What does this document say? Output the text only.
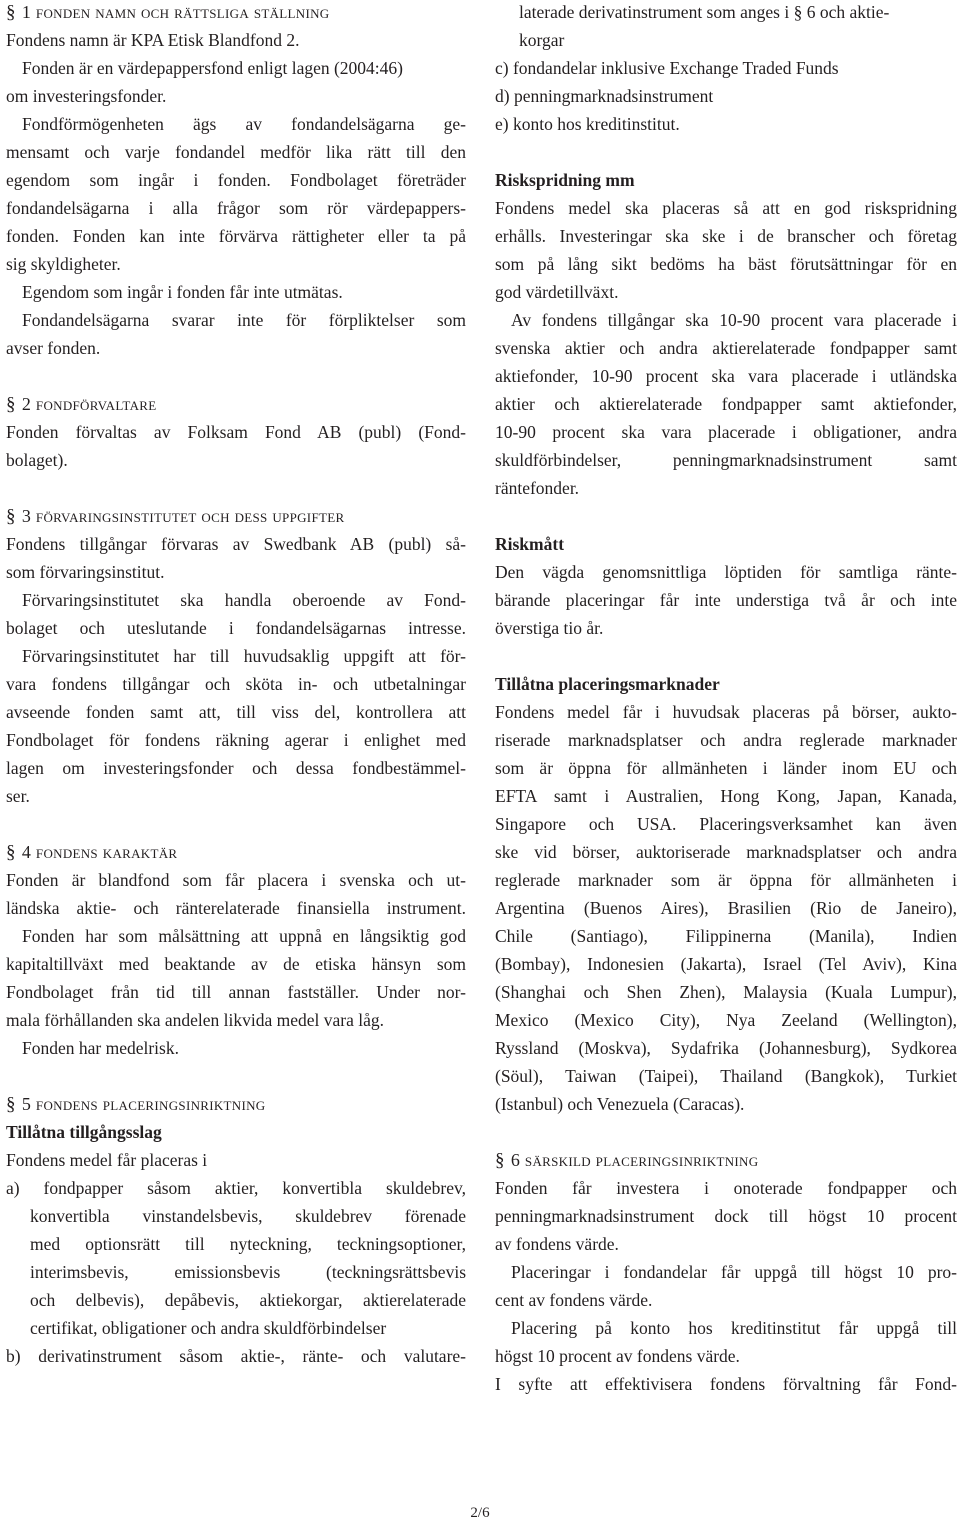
§ 1 fonden namn och rättsliga ställning
Fondens namn är KPA Etisk Blandfond 2.
Fonden är en värdepappersfond enligt lagen (2004:46)
om investeringsfonder.
Fondförmögenheten ägs av fondandelsägarna ge-
mensamt och varje fondandel medför lika rätt till den
egendom som ingår i fonden. Fondbolaget företräder
fondandelsägarna i alla frågor som rör värdepappers-
fonden. Fonden kan inte förvärva rättigheter eller ta på
sig skyldigheter.
Egendom som ingår i fonden får inte utmätas.
Fondandelsägarna svarar inte för förpliktelser som
avser fonden.
§ 2 fondförvaltare
Fonden förvaltas av Folksam Fond AB (publ) (Fond-
bolaget).
§ 3 förvaringsinstitutet och dess uppgifter
Fondens tillgångar förvaras av Swedbank AB (publ) så-
som förvaringsinstitut.
Förvaringsinstitutet ska handla oberoende av Fond-
bolaget och uteslutande i fondandelsägarnas intresse.
Förvaringsinstitutet har till huvudsaklig uppgift att för-
vara fondens tillgångar och sköta in- och utbetalningar
avseende fonden samt att, till viss del, kontrollera att
Fondbolaget för fondens räkning agerar i enlighet med
lagen om investeringsfonder och dessa fondbestämmel-
ser.
§ 4 fondens karaktär
Fonden är blandfond som får placera i svenska och ut-
ländska aktie- och ränterelaterade finansiella instrument.
Fonden har som målsättning att uppnå en långsiktig god
kapitaltillväxt med beaktande av de etiska hänsyn som
Fondbolaget från tid till annan fastställer. Under nor-
mala förhållanden ska andelen likvida medel vara låg.
Fonden har medelrisk.
§ 5 fondens placeringsinriktning
Tillåtna tillgångsslag
Fondens medel får placeras i
a) fondpapper såsom aktier, konvertibla skuldebrev,
konvertibla vinstandelsbevis, skuldebrev förenade
med optionsrätt till nyteckning, teckningsoptioner,
interimsbevis, emissionsbevis (teckningsrättsbevis
och delbevis), depåbevis, aktiekorgar, aktierelaterade
certifikat, obligationer och andra skuldförbindelser
b) derivatinstrument såsom aktie-, ränte- och valutare-
laterade derivatinstrument som anges i § 6 och aktie-
korgar
c) fondandelar inklusive Exchange Traded Funds
d) penningmarknadsinstrument
e) konto hos kreditinstitut.
Riskspridning mm
Fondens medel ska placeras så att en god riskspridning
erhålls. Investeringar ska ske i de branscher och företag
som på lång sikt bedöms ha bäst förutsättningar för en
god värdetillväxt.
Av fondens tillgångar ska 10-90 procent vara placerade i
svenska aktier och andra aktierelaterade fondpapper samt
aktiefonder, 10-90 procent ska vara placerade i utländska
aktier och aktierelaterade fondpapper samt aktiefonder,
10-90 procent ska vara placerade i obligationer, andra
skuldförbindelser, penningmarknadsinstrument samt
räntefonder.
Riskmått
Den vägda genomsnittliga löptiden för samtliga ränte-
bärande placeringar får inte understiga två år och inte
överstiga tio år.
Tillåtna placeringsmarknader
Fondens medel får i huvudsak placeras på börser, aukto-
riserade marknadsplatser och andra reglerade marknader
som är öppna för allmänheten i länder inom EU och
EFTA samt i Australien, Hong Kong, Japan, Kanada,
Singapore och USA. Placeringsverksamhet kan även
ske vid börser, auktoriserade marknadsplatser och andra
reglerade marknader som är öppna för allmänheten i
Argentina (Buenos Aires), Brasilien (Rio de Janeiro),
Chile (Santiago), Filippinerna (Manila), Indien
(Bombay), Indonesien (Jakarta), Israel (Tel Aviv), Kina
(Shanghai och Shen Zhen), Malaysia (Kuala Lumpur),
Mexico (Mexico City), Nya Zeeland (Wellington),
Ryssland (Moskva), Sydafrika (Johannesburg), Sydkorea
(Söul), Taiwan (Taipei), Thailand (Bangkok), Turkiet
(Istanbul) och Venezuela (Caracas).
§ 6 särskild placeringsinriktning
Fonden får investera i onoterade fondpapper och
penningmarknadsinstrument dock till högst 10 procent
av fondens värde.
Placeringar i fondandelar får uppgå till högst 10 pro-
cent av fondens värde.
Placering på konto hos kreditinstitut får uppgå till
högst 10 procent av fondens värde.
I syfte att effektivisera fondens förvaltning får Fond-
2/6
